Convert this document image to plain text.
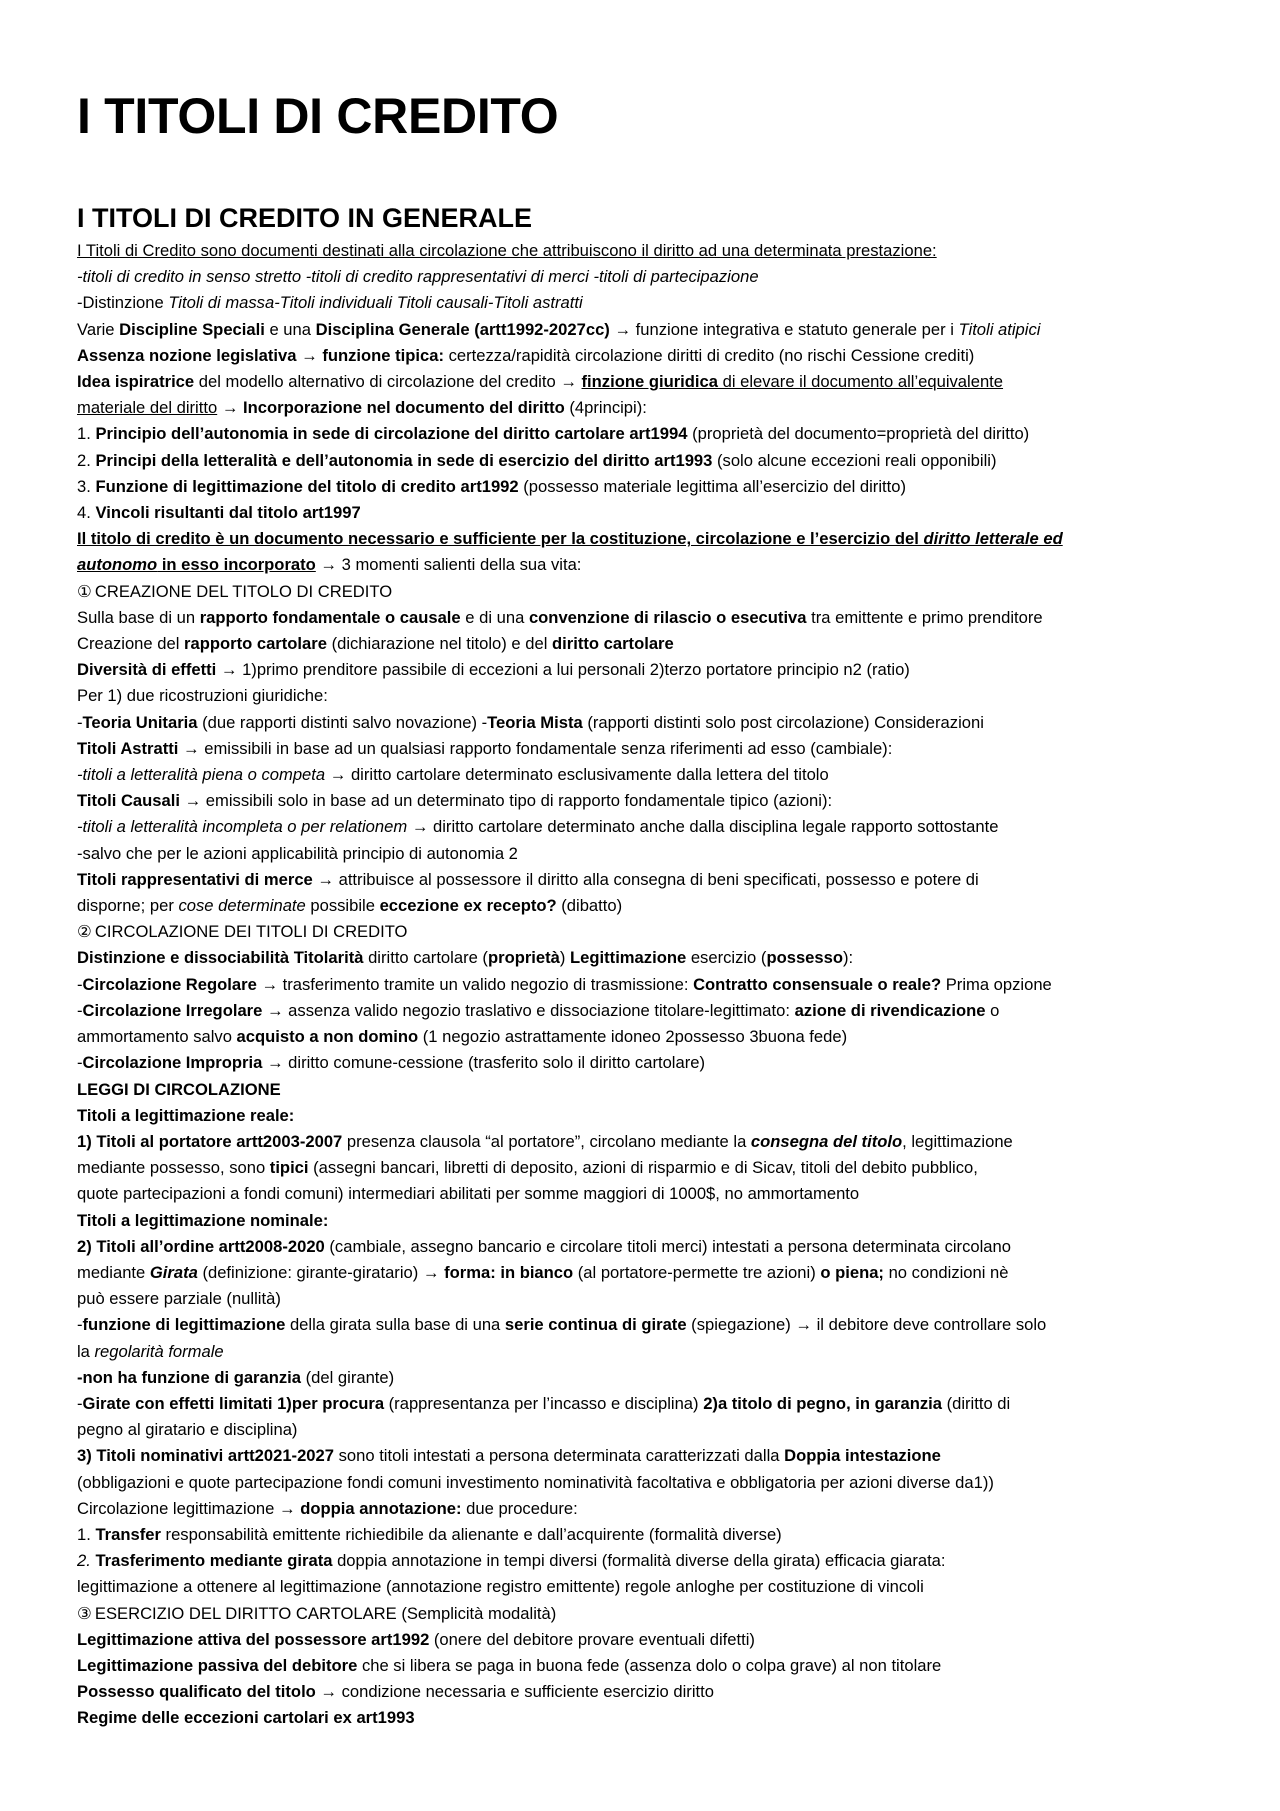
I TITOLI DI CREDITO
I TITOLI DI CREDITO IN GENERALE
I Titoli di Credito sono documenti destinati alla circolazione che attribuiscono il diritto ad una determinata prestazione:
-titoli di credito in senso stretto -titoli di credito rappresentativi di merci -titoli di partecipazione
-Distinzione Titoli di massa-Titoli individuali Titoli causali-Titoli astratti
Varie Discipline Speciali e una Disciplina Generale (artt1992-2027cc) → funzione integrativa e statuto generale per i Titoli atipici
Assenza nozione legislativa → funzione tipica: certezza/rapidità circolazione diritti di credito (no rischi Cessione crediti)
Idea ispiratrice del modello alternativo di circolazione del credito → finzione giuridica di elevare il documento all’equivalente
materiale del diritto → Incorporazione nel documento del diritto (4principi):
1. Principio dell’autonomia in sede di circolazione del diritto cartolare art1994 (proprietà del documento=proprietà del diritto)
2. Principi della letteralità e dell’autonomia in sede di esercizio del diritto art1993 (solo alcune eccezioni reali opponibili)
3. Funzione di legittimazione del titolo di credito art1992 (possesso materiale legittima all’esercizio del diritto)
4. Vincoli risultanti dal titolo art1997
Il titolo di credito è un documento necessario e sufficiente per la costituzione, circolazione e l’esercizio del diritto letterale ed
autonomo in esso incorporato → 3 momenti salienti della sua vita:
① CREAZIONE DEL TITOLO DI CREDITO
Sulla base di un rapporto fondamentale o causale e di una convenzione di rilascio o esecutiva tra emittente e primo prenditore
Creazione del rapporto cartolare (dichiarazione nel titolo) e del diritto cartolare
Diversità di effetti → 1)primo prenditore passibile di eccezioni a lui personali 2)terzo portatore principio n2 (ratio)
Per 1) due ricostruzioni giuridiche:
-Teoria Unitaria (due rapporti distinti salvo novazione) -Teoria Mista (rapporti distinti solo post circolazione) Considerazioni
Titoli Astratti → emissibili in base ad un qualsiasi rapporto fondamentale senza riferimenti ad esso (cambiale):
-titoli a letteralità piena o competa → diritto cartolare determinato esclusivamente dalla lettera del titolo
Titoli Causali → emissibili solo in base ad un determinato tipo di rapporto fondamentale tipico (azioni):
-titoli a letteralità incompleta o per relationem → diritto cartolare determinato anche dalla disciplina legale rapporto sottostante
-salvo che per le azioni applicabilità principio di autonomia 2
Titoli rappresentativi di merce → attribuisce al possessore il diritto alla consegna di beni specificati, possesso e potere di
disporne; per cose determinate possibile eccezione ex recepto? (dibatto)
② CIRCOLAZIONE DEI TITOLI DI CREDITO
Distinzione e dissociabilità Titolarità diritto cartolare (proprietà) Legittimazione esercizio (possesso):
-Circolazione Regolare → trasferimento tramite un valido negozio di trasmissione: Contratto consensuale o reale? Prima opzione
-Circolazione Irregolare → assenza valido negozio traslativo e dissociazione titolare-legittimato: azione di rivendicazione o
ammortamento salvo acquisto a non domino (1 negozio astrattamente idoneo 2possesso 3buona fede)
-Circolazione Impropria → diritto comune-cessione (trasferito solo il diritto cartolare)
LEGGI DI CIRCOLAZIONE
Titoli a legittimazione reale:
1) Titoli al portatore artt2003-2007 presenza clausola “al portatore”, circolano mediante la consegna del titolo, legittimazione
mediante possesso, sono tipici (assegni bancari, libretti di deposito, azioni di risparmio e di Sicav, titoli del debito pubblico,
quote partecipazioni a fondi comuni) intermediari abilitati per somme maggiori di 1000$, no ammortamento
Titoli a legittimazione nominale:
2) Titoli all’ordine artt2008-2020 (cambiale, assegno bancario e circolare titoli merci) intestati a persona determinata circolano
mediante Girata (definizione: girante-giratario) → forma: in bianco (al portatore-permette tre azioni) o piena; no condizioni nè
può essere parziale (nullità)
-funzione di legittimazione della girata sulla base di una serie continua di girate (spiegazione) → il debitore deve controllare solo
la regolarità formale
-non ha funzione di garanzia (del girante)
-Girate con effetti limitati 1)per procura (rappresentanza per l’incasso e disciplina) 2)a titolo di pegno, in garanzia (diritto di
pegno al giratario e disciplina)
3) Titoli nominativi artt2021-2027 sono titoli intestati a persona determinata caratterizzati dalla Doppia intestazione
(obbligazioni e quote partecipazione fondi comuni investimento nominatività facoltativa e obbligatoria per azioni diverse da1))
Circolazione legittimazione → doppia annotazione: due procedure:
1. Transfer responsabilità emittente richiedibile da alienante e dall’acquirente (formalità diverse)
2. Trasferimento mediante girata doppia annotazione in tempi diversi (formalità diverse della girata) efficacia giarata:
legittimazione a ottenere al legittimazione (annotazione registro emittente) regole anloghe per costituzione di vincoli
③ ESERCIZIO DEL DIRITTO CARTOLARE (Semplicità modalità)
Legittimazione attiva del possessore art1992 (onere del debitore provare eventuali difetti)
Legittimazione passiva del debitore che si libera se paga in buona fede (assenza dolo o colpa grave) al non titolare
Possesso qualificato del titolo → condizione necessaria e sufficiente esercizio diritto
Regime delle eccezioni cartolari ex art1993
